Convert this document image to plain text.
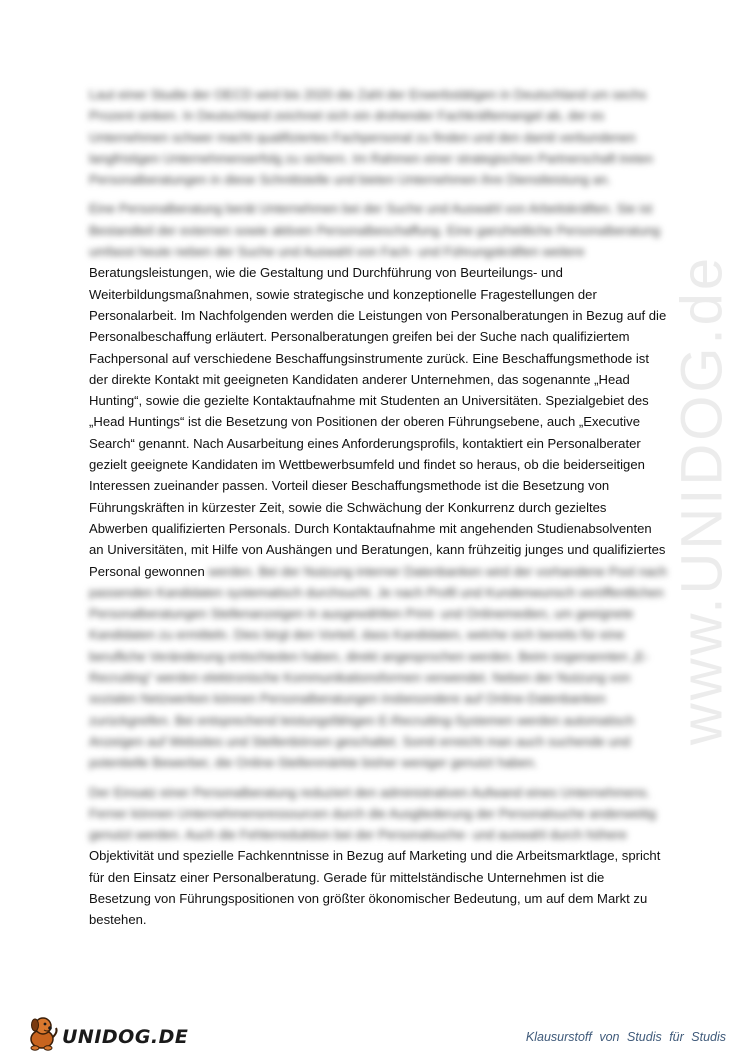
www.UNIDOG.de

Laut einer Studie der OECD wird bis 2020 die Zahl der Erwerbstätigen in Deutschland um sechs Prozent sinken. In Deutschland zeichnet sich ein drohender Fachkräftemangel ab, der es Unternehmen schwer macht qualifiziertes Fachpersonal zu finden und den damit verbundenen langfristigen Unternehmenserfolg zu sichern. Im Rahmen einer strategischen Partnerschaft treten Personalberatungen in diese Schnittstelle und bieten Unternehmen ihre Dienstleistung an.

Eine Personalberatung berät Unternehmen bei der Suche und Auswahl von Arbeitskräften. Sie ist Bestandteil der externen sowie aktiven Personalbeschaffung. Eine ganzheitliche Personalberatung umfasst heute neben der Suche und Auswahl von Fach- und Führungskräften weitere Beratungsleistungen, wie die Gestaltung und Durchführung von Beurteilungs- und Weiterbildungsmaßnahmen, sowie strategische und konzeptionelle Fragestellungen der Personalarbeit. Im Nachfolgenden werden die Leistungen von Personalberatungen in Bezug auf die Personalbeschaffung erläutert. Personalberatungen greifen bei der Suche nach qualifiziertem Fachpersonal auf verschiedene Beschaffungsinstrumente zurück. Eine Beschaffungsmethode ist der direkte Kontakt mit geeigneten Kandidaten anderer Unternehmen, das sogenannte „Head Hunting“, sowie die gezielte Kontaktaufnahme mit Studenten an Universitäten. Spezialgebiet des „Head Huntings“ ist die Besetzung von Positionen der oberen Führungsebene, auch „Executive Search“ genannt. Nach Ausarbeitung eines Anforderungsprofils, kontaktiert ein Personalberater gezielt geeignete Kandidaten im Wettbewerbsumfeld und findet so heraus, ob die beiderseitigen Interessen zueinander passen. Vorteil dieser Beschaffungsmethode ist die Besetzung von Führungskräften in kürzester Zeit, sowie die Schwächung der Konkurrenz durch gezieltes Abwerben qualifizierten Personals. Durch Kontaktaufnahme mit angehenden Studienabsolventen an Universitäten, mit Hilfe von Aushängen und Beratungen, kann frühzeitig junges und qualifiziertes Personal gewonnen werden. Bei der Nutzung interner Datenbanken wird der vorhandene Pool nach passenden Kandidaten systematisch durchsucht. Je nach Profil und Kundenwunsch veröffentlichen Personalberatungen Stellenanzeigen in ausgewählten Print- und Onlinemedien, um geeignete Kandidaten zu ermitteln. Dies birgt den Vorteil, dass Kandidaten, welche sich bereits für eine berufliche Veränderung entschieden haben, direkt angesprochen werden. Beim sogenannten „E-Recruiting“ werden elektronische Kommunikationsformen verwendet. Neben der Nutzung von sozialen Netzwerken können Personalberatungen insbesondere auf Online-Datenbanken zurückgreifen. Bei entsprechend leistungsfähigen E-Recruiting-Systemen werden automatisch Anzeigen auf Websites und Stellenbörsen geschaltet. Somit erreicht man auch suchende und potentielle Bewerber, die Online-Stellenmärkte bisher weniger genutzt haben.

Der Einsatz einer Personalberatung reduziert den administrativen Aufwand eines Unternehmens. Ferner können Unternehmensressourcen durch die Ausgliederung der Personalsuche anderweitig genutzt werden. Auch die Fehlerreduktion bei der Personalsuche- und auswahl durch höhere Objektivität und spezielle Fachkenntnisse in Bezug auf Marketing und die Arbeitsmarktlage, spricht für den Einsatz einer Personalberatung. Gerade für mittelständische Unternehmen ist die Besetzung von Führungspositionen von größter ökonomischer Bedeutung, um auf dem Markt zu bestehen.

UNIDOG.DE	Klausurstoff von Studis für Studis
